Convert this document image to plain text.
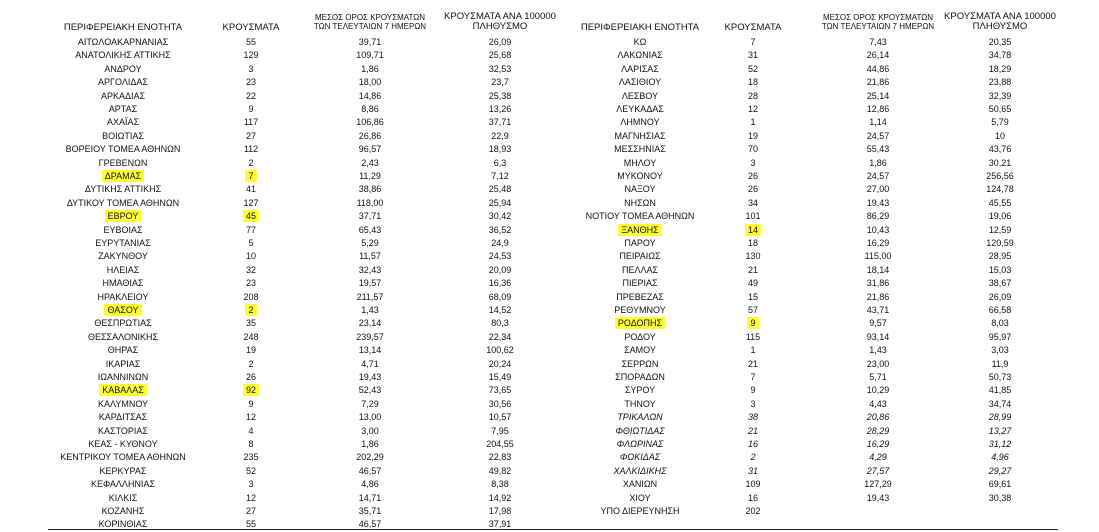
ΠΕΡΙΦΕΡΕΙΑΚΗ ΕΝΟΤΗΤΑ	ΚΡΟΥΣΜΑΤΑ
ΜΕΣΟΣ ΟΡΟΣ ΚΡΟΥΣΜΑΤΩΝ
ΤΩΝ ΤΕΛΕΥΤΑΙΩΝ 7 ΗΜΕΡΩΝ
ΚΡΟΥΣΜΑΤΑ ΑΝΑ 100000
ΠΛΗΘΥΣΜΟ	ΠΕΡΙΦΕΡΕΙΑΚΗ ΕΝΟΤΗΤΑ	ΚΡΟΥΣΜΑΤΑ
ΜΕΣΟΣ ΟΡΟΣ ΚΡΟΥΣΜΑΤΩΝ
ΤΩΝ ΤΕΛΕΥΤΑΙΩΝ 7 ΗΜΕΡΩΝ
ΚΡΟΥΣΜΑΤΑ ΑΝΑ 100000
ΠΛΗΘΥΣΜΟ
ΑΙΤΩΛΟΑΚΑΡΝΑΝΙΑΣ	55	39,71	26,09
ΑΝΑΤΟΛΙΚΗΣ ΑΤΤΙΚΗΣ	129	109,71	25,68
ΑΝΔΡΟΥ	3	1,86	32,53
ΑΡΓΟΛΙΔΑΣ	23	18,00	23,7
ΑΡΚΑΔΙΑΣ	22	14,86	25,38
ΑΡΤΑΣ	9	8,86	13,26
ΑΧΑΪΑΣ	117	106,86	37,71
ΒΟΙΩΤΙΑΣ	27	26,86	22,9
ΒΟΡΕΙΟΥ ΤΟΜΕΑ ΑΘΗΝΩΝ	112	96,57	18,93
ΓΡΕΒΕΝΩΝ	2	2,43	6,3
ΔΡΑΜΑΣ	7	11,29	7,12
ΔΥΤΙΚΗΣ ΑΤΤΙΚΗΣ	41	38,86	25,48
ΔΥΤΙΚΟΥ ΤΟΜΕΑ ΑΘΗΝΩΝ	127	118,00	25,94
ΕΒΡΟΥ	45	37,71	30,42
ΕΥΒΟΙΑΣ	77	65,43	36,52
ΕΥΡΥΤΑΝΙΑΣ	5	5,29	24,9
ΖΑΚΥΝΘΟΥ	10	11,57	24,53
ΗΛΕΙΑΣ	32	32,43	20,09
ΗΜΑΘΙΑΣ	23	19,57	16,36
ΗΡΑΚΛΕΙΟΥ	208	211,57	68,09
ΘΑΣΟΥ	2	1,43	14,52
ΘΕΣΠΡΩΤΙΑΣ	35	23,14	80,3
ΘΕΣΣΑΛΟΝΙΚΗΣ	248	239,57	22,34
ΘΗΡΑΣ	19	13,14	100,62
ΙΚΑΡΙΑΣ	2	4,71	20,24
ΙΩΑΝΝΙΝΩΝ	26	19,43	15,49
ΚΑΒΑΛΑΣ	92	52,43	73,65
ΚΑΛΥΜΝΟΥ	9	7,29	30,56
ΚΑΡΔΙΤΣΑΣ	12	13,00	10,57
ΚΑΣΤΟΡΙΑΣ	4	3,00	7,95
ΚΕΑΣ - ΚΥΘΝΟΥ	8	1,86	204,55
ΚΕΝΤΡΙΚΟΥ ΤΟΜΕΑ ΑΘΗΝΩΝ	235	202,29	22,83
ΚΕΡΚΥΡΑΣ	52	46,57	49,82
ΚΕΦΑΛΛΗΝΙΑΣ	3	4,86	8,38
ΚΙΛΚΙΣ	12	14,71	14,92
ΚΟΖΑΝΗΣ	27	35,71	17,98
ΚΟΡΙΝΘΙΑΣ	55	46,57	37,91
ΚΩ	7	7,43	20,35
ΛΑΚΩΝΙΑΣ	31	26,14	34,78
ΛΑΡΙΣΑΣ	52	44,86	18,29
ΛΑΣΙΘΙΟΥ	18	21,86	23,88
ΛΕΣΒΟΥ	28	25,14	32,39
ΛΕΥΚΑΔΑΣ	12	12,86	50,65
ΛΗΜΝΟΥ	1	1,14	5,79
ΜΑΓΝΗΣΙΑΣ	19	24,57	10
ΜΕΣΣΗΝΙΑΣ	70	55,43	43,76
ΜΗΛΟΥ	3	1,86	30,21
ΜΥΚΟΝΟΥ	26	24,57	256,56
ΝΑΞΟΥ	26	27,00	124,78
ΝΗΣΩΝ	34	19,43	45,55
ΝΟΤΙΟΥ ΤΟΜΕΑ ΑΘΗΝΩΝ	101	86,29	19,06
ΞΑΝΘΗΣ	14	10,43	12,59
ΠΑΡΟΥ	18	16,29	120,59
ΠΕΙΡΑΙΩΣ	130	115,00	28,95
ΠΕΛΛΑΣ	21	18,14	15,03
ΠΙΕΡΙΑΣ	49	31,86	38,67
ΠΡΕΒΕΖΑΣ	15	21,86	26,09
ΡΕΘΥΜΝΟΥ	57	43,71	66,58
ΡΟΔΟΠΗΣ	9	9,57	8,03
ΡΟΔΟΥ	115	93,14	95,97
ΣΑΜΟΥ	1	1,43	3,03
ΣΕΡΡΩΝ	21	23,00	11,9
ΣΠΟΡΑΔΩΝ	7	5,71	50,73
ΣΥΡΟΥ	9	10,29	41,85
ΤΗΝΟΥ	3	4,43	34,74
ΤΡΙΚΑΛΩΝ	38	20,86	28,99
ΦΘΙΩΤΙΔΑΣ	21	28,29	13,27
ΦΛΩΡΙΝΑΣ	16	16,29	31,12
ΦΩΚΙΔΑΣ	2	4,29	4,96
ΧΑΛΚΙΔΙΚΗΣ	31	27,57	29,27
ΧΑΝΙΩΝ	109	127,29	69,61
ΧΙΟΥ	16	19,43	30,38
ΥΠΟ ΔΙΕΡΕΥΝΗΣΗ	202
